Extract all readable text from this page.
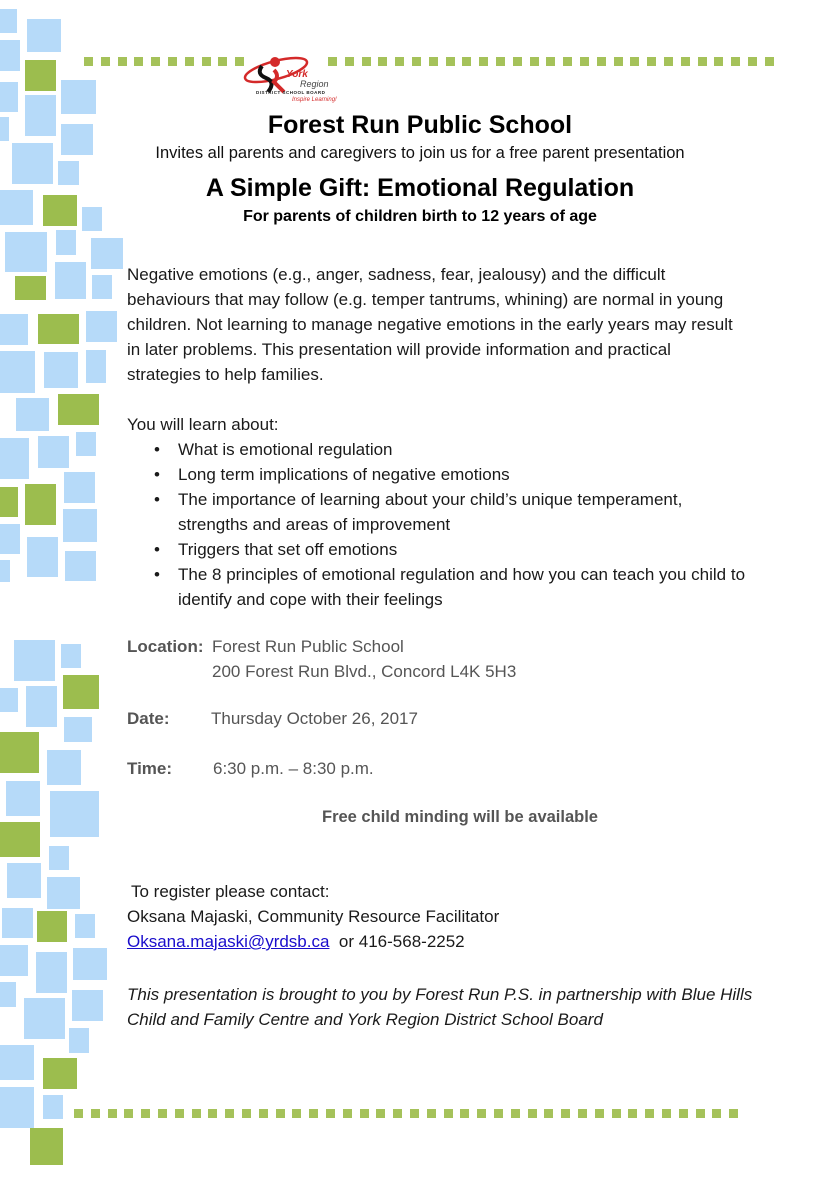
York
Region
DISTRICT SCHOOL BOARD
Inspire Learning!
Forest Run Public School
Invites all parents and caregivers to join us for a free parent presentation
A Simple Gift: Emotional Regulation
For parents of children birth to 12 years of age
Negative emotions (e.g., anger, sadness, fear, jealousy) and the difficult
behaviours that may follow (e.g. temper tantrums, whining) are normal in young
children. Not learning to manage negative emotions in the early years may result
in later problems. This presentation will provide information and practical
strategies to help families.
You will learn about:
• What is emotional regulation
• Long term implications of negative emotions
• The importance of learning about your child’s unique temperament,
strengths and areas of improvement
• Triggers that set off emotions
• The 8 principles of emotional regulation and how you can teach you child to
identify and cope with their feelings
Location: Forest Run Public School
200 Forest Run Blvd., Concord L4K 5H3
Date: Thursday October 26, 2017
Time: 6:30 p.m. – 8:30 p.m.
Free child minding will be available
To register please contact:
Oksana Majaski, Community Resource Facilitator
Oksana.majaski@yrdsb.ca or 416-568-2252
This presentation is brought to you by Forest Run P.S. in partnership with Blue Hills
Child and Family Centre and York Region District School Board
